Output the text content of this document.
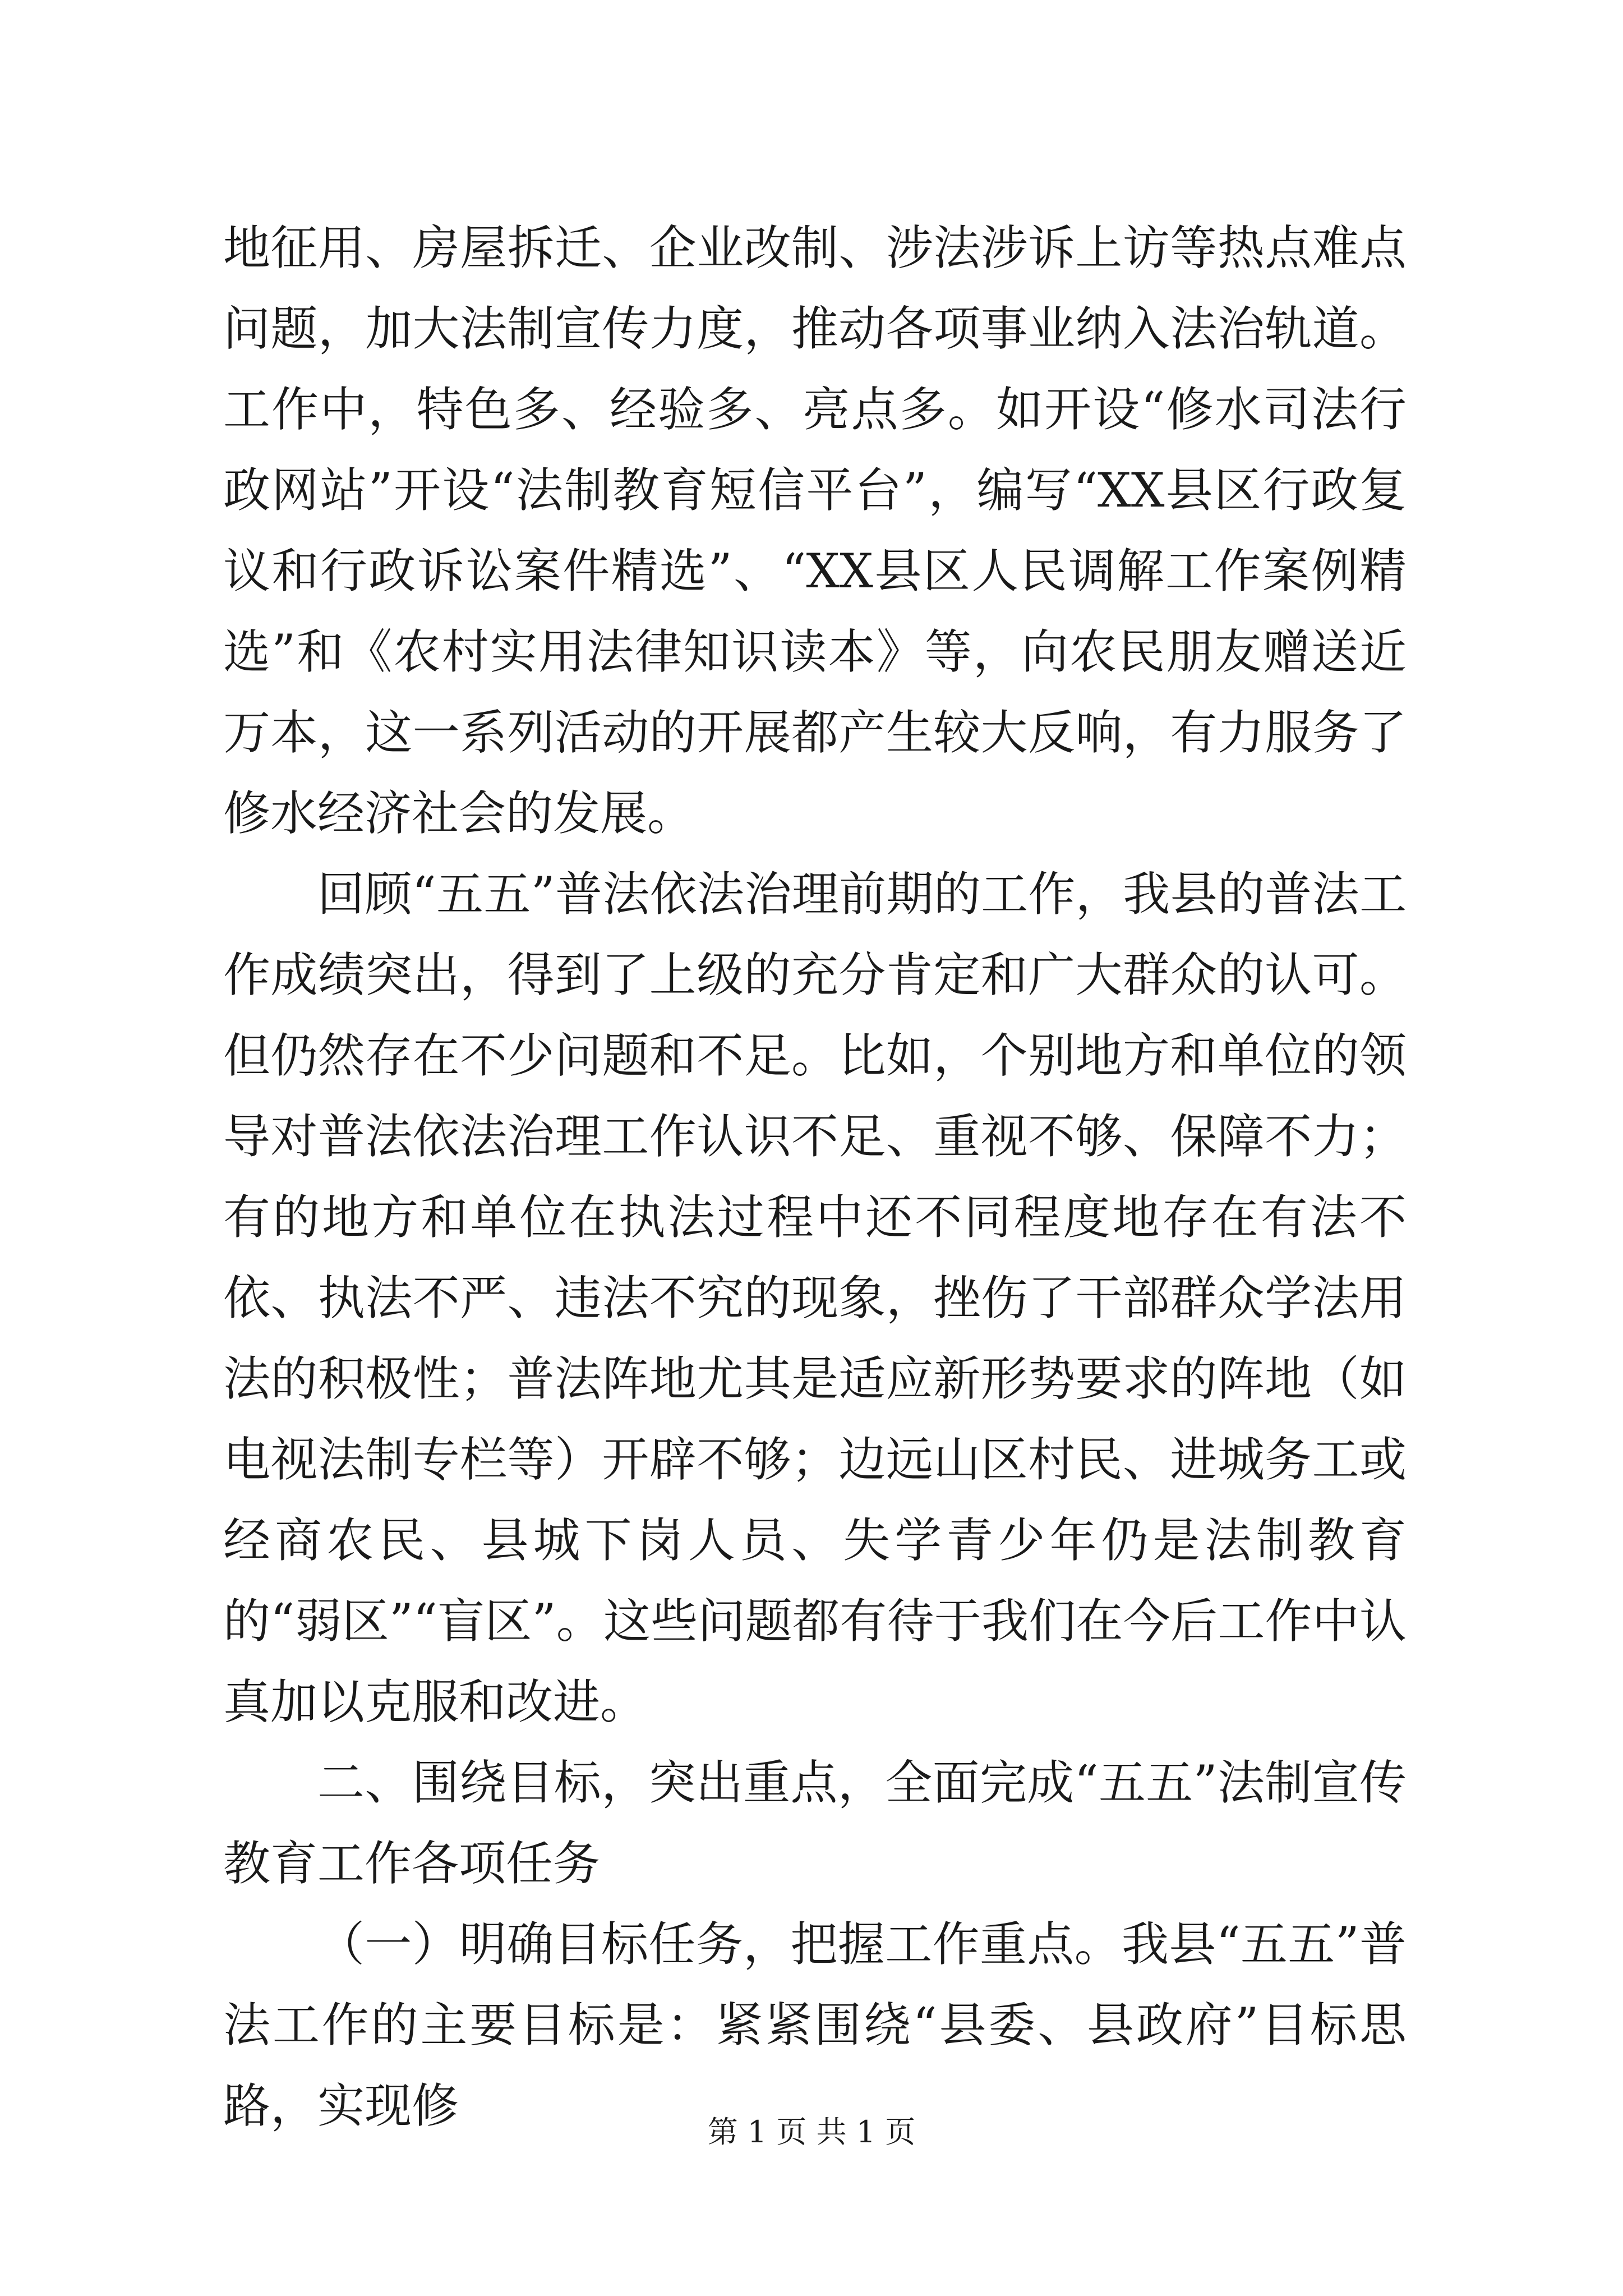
地征用、房屋拆迁、企业改制、涉法涉诉上访等热点难点问题，加大法制宣传力度，推动各项事业纳入法治轨道。工作中，特色多、经验多、亮点多。如开设“修水司法行政网站”开设“法制教育短信平台”，编写“XX县区行政复议和行政诉讼案件精选”、“XX县区人民调解工作案例精选”和《农村实用法律知识读本》等，向农民朋友赠送近万本，这一系列活动的开展都产生较大反响，有力服务了修水经济社会的发展。

回顾“五五”普法依法治理前期的工作，我县的普法工作成绩突出，得到了上级的充分肯定和广大群众的认可。但仍然存在不少问题和不足。比如，个别地方和单位的领导对普法依法治理工作认识不足、重视不够、保障不力；有的地方和单位在执法过程中还不同程度地存在有法不依、执法不严、违法不究的现象，挫伤了干部群众学法用法的积极性；普法阵地尤其是适应新形势要求的阵地（如电视法制专栏等）开辟不够；边远山区村民、进城务工或经商农民、县城下岗人员、失学青少年仍是法制教育的“弱区”“盲区”。这些问题都有待于我们在今后工作中认真加以克服和改进。

二、围绕目标，突出重点，全面完成“五五”法制宣传教育工作各项任务

（一）明确目标任务，把握工作重点。我县“五五”普法工作的主要目标是：紧紧围绕“县委、县政府”目标思路，实现修	第 1 页 共 1 页
